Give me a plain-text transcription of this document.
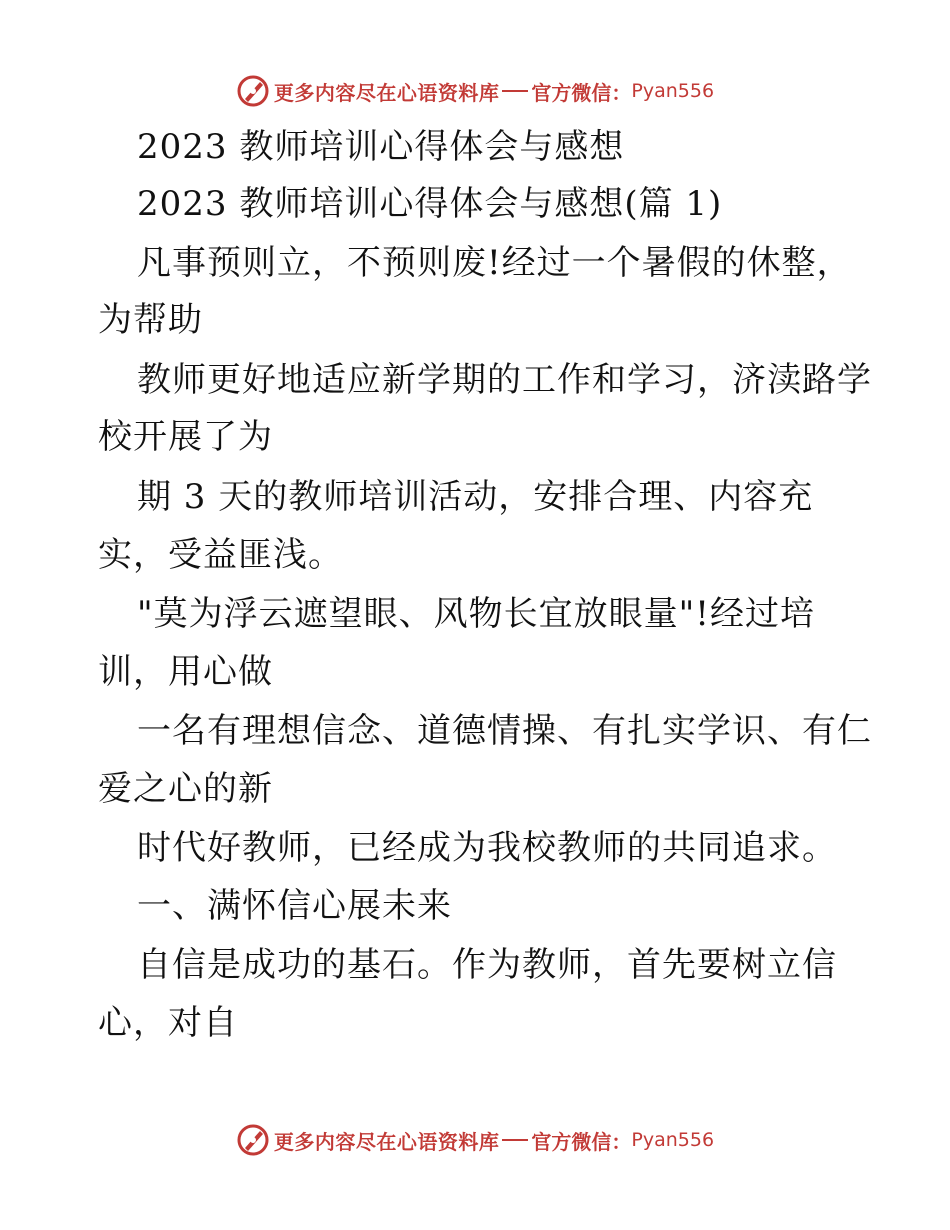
更多内容尽在心语资料库 官方微信： Pyan556
2023 教师培训心得体会与感想
2023 教师培训心得体会与感想(篇 1)
凡事预则立，不预则废!经过一个暑假的休整，
为帮助
教师更好地适应新学期的工作和学习，济渎路学
校开展了为
期 3 天的教师培训活动，安排合理、内容充
实，受益匪浅。
"莫为浮云遮望眼、风物长宜放眼量"!经过培
训，用心做
一名有理想信念、道德情操、有扎实学识、有仁
爱之心的新
时代好教师，已经成为我校教师的共同追求。
一、满怀信心展未来
自信是成功的基石。作为教师，首先要树立信
心，对自
更多内容尽在心语资料库 官方微信： Pyan556
